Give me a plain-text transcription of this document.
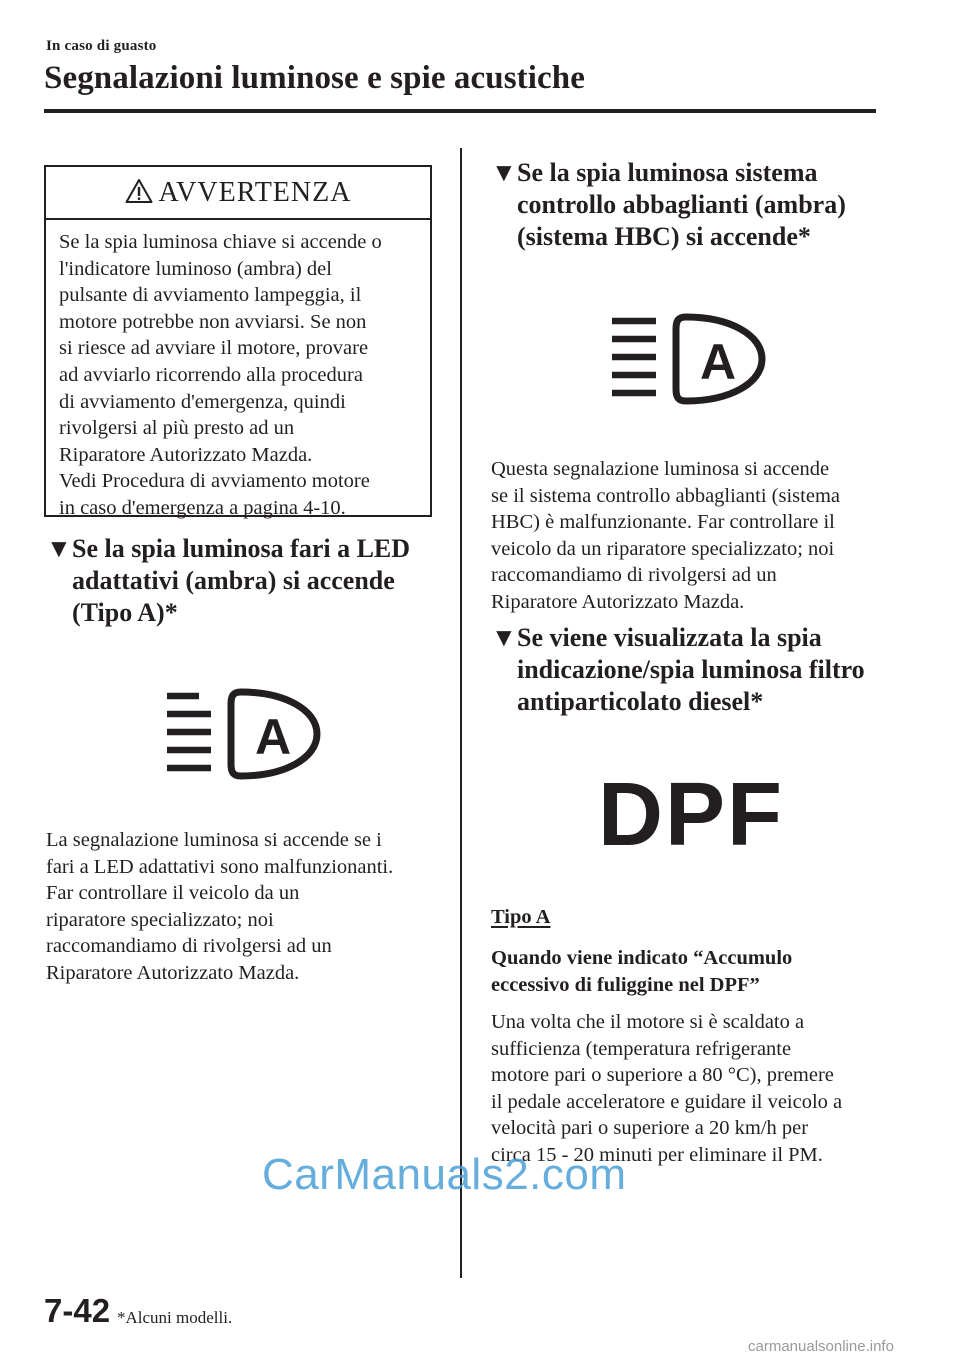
In caso di guasto
Segnalazioni luminose e spie acustiche
AVVERTENZA
Se la spia luminosa chiave si accende o
l'indicatore luminoso (ambra) del
pulsante di avviamento lampeggia, il
motore potrebbe non avviarsi. Se non
si riesce ad avviare il motore, provare
ad avviarlo ricorrendo alla procedura
di avviamento d'emergenza, quindi
rivolgersi al più presto ad un
Riparatore Autorizzato Mazda.
Vedi Procedura di avviamento motore
in caso d'emergenza a pagina 4-10.
▼ Se la spia luminosa fari a LED
adattativi (ambra) si accende
(Tipo A)*
A
La segnalazione luminosa si accende se i
fari a LED adattativi sono malfunzionanti.
Far controllare il veicolo da un
riparatore specializzato; noi
raccomandiamo di rivolgersi ad un
Riparatore Autorizzato Mazda.
▼ Se la spia luminosa sistema
controllo abbaglianti (ambra)
(sistema HBC) si accende*
A
Questa segnalazione luminosa si accende
se il sistema controllo abbaglianti (sistema
HBC) è malfunzionante. Far controllare il
veicolo da un riparatore specializzato; noi
raccomandiamo di rivolgersi ad un
Riparatore Autorizzato Mazda.
▼ Se viene visualizzata la spia
indicazione/spia luminosa filtro
antiparticolato diesel*
DPF
Tipo A
Quando viene indicato “Accumulo
eccessivo di fuliggine nel DPF”
Una volta che il motore si è scaldato a
sufficienza (temperatura refrigerante
motore pari o superiore a 80 °C), premere
il pedale acceleratore e guidare il veicolo a
velocità pari o superiore a 20 km/h per
circa 15 - 20 minuti per eliminare il PM.
CarManuals2.com
7-42 *Alcuni modelli.
carmanualsonline.info
